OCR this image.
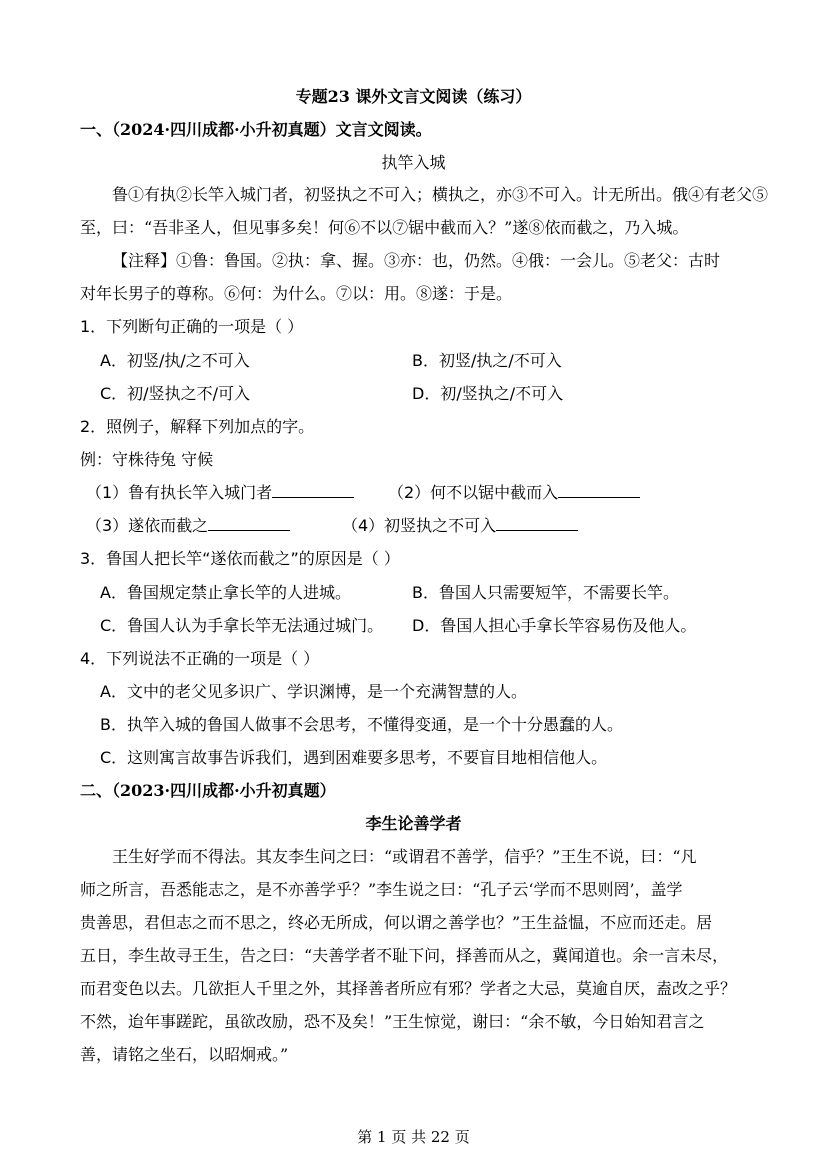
专题23 课外文言文阅读（练习）
一、（2024·四川成都·小升初真题）文言文阅读。
执竿入城
鲁①有执②长竿入城门者，初竖执之不可入；横执之，亦③不可入。计无所出。俄④有老父⑤
至，曰：“吾非圣人，但见事多矣！何⑥不以⑦锯中截而入？”遂⑧依而截之，乃入城。
【注释】①鲁：鲁国。②执：拿、握。③亦：也，仍然。④俄：一会儿。⑤老父：古时
对年长男子的尊称。⑥何：为什么。⑦以：用。⑧遂：于是。
1．下列断句正确的一项是（ ）
A．初竖/执/之不可入	B．初竖/执之/不可入
C．初/竖执之不/可入	D．初/竖执之/不可入
2．照例子，解释下列加点的字。
例：守株待兔 守候
（1）鲁有执长竿入城门者	（2）何不以锯中截而入
（3）遂依而截之	（4）初竖执之不可入
3．鲁国人把长竿“遂依而截之”的原因是（ ）
A．鲁国规定禁止拿长竿的人进城。	B．鲁国人只需要短竿，不需要长竿。
C．鲁国人认为手拿长竿无法通过城门。 D．鲁国人担心手拿长竿容易伤及他人。
4．下列说法不正确的一项是（ ）
A．文中的老父见多识广、学识渊博，是一个充满智慧的人。
B．执竿入城的鲁国人做事不会思考，不懂得变通，是一个十分愚蠢的人。
C．这则寓言故事告诉我们，遇到困难要多思考，不要盲目地相信他人。
二、（2023·四川成都·小升初真题）
李生论善学者
王生好学而不得法。其友李生问之曰：“或谓君不善学，信乎？”王生不说，曰：“凡
师之所言，吾悉能志之，是不亦善学乎？”李生说之曰：“孔子云‘学而不思则罔’，盖学
贵善思，君但志之而不思之，终必无所成，何以谓之善学也？”王生益愠，不应而还走。居
五日，李生故寻王生，告之曰：“夫善学者不耻下问，择善而从之，冀闻道也。余一言未尽，
而君变色以去。几欲拒人千里之外，其择善者所应有邪？学者之大忌，莫逾自厌，盍改之乎？
不然，迨年事蹉跎，虽欲改励，恐不及矣！”王生惊觉，谢曰：“余不敏，今日始知君言之
善，请铭之坐石，以昭炯戒。”
第 1 页 共 22 页
